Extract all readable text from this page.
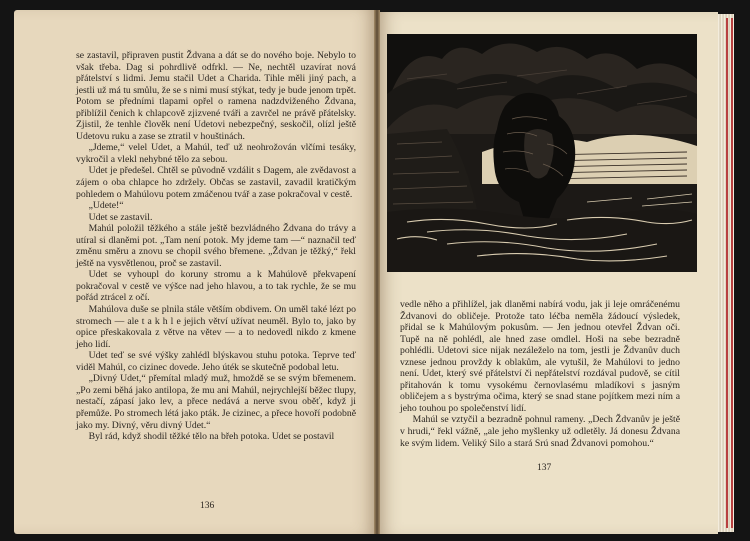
se zastavil, připraven pustit Ždvana a dát se do nového boje. Nebylo to však třeba. Dag si pohrdlivě odfrkl. — Ne, nechtěl uzavírat nová přátelství s lidmi. Jemu stačil Udet a Charida. Tihle měli jiný pach, a jestli už má tu smůlu, že se s nimi musí stýkat, tedy je bude jenom trpět. Potom se předními tlapami opřel o ramena nadzdviženého Ždvana, přiblížil čenich k chlapcově zjizvené tváři a zavrčel ne právě přátelsky. Zjistil, že tenhle člověk není Udetovi nebezpečný, seskočil, olízl ještě Udetovu ruku a zase se ztratil v houštinách.

„Jdeme,“ velel Udet, a Mahúl, teď už neohrožován vlčími tesáky, vykročil a vlekl nehybné tělo za sebou.

Udet je předešel. Chtěl se původně vzdálit s Dagem, ale zvědavost a zájem o oba chlapce ho zdržely. Občas se zastavil, zavadil kratičkým pohledem o Mahúlovu potem zmáčenou tvář a zase pokračoval v cestě.

„Udete!“

Udet se zastavil.

Mahúl položil těžkého a stále ještě bezvládného Ždvana do trávy a utíral si dlaněmi pot. „Tam není potok. My jdeme tam —“ naznačil teď změnu směru a znovu se chopil svého břemene. „Ždvan je těžký,“ řekl ještě na vysvětlenou, proč se zastavil.

Udet se vyhoupl do koruny stromu a k Mahúlově překvapení pokračoval v cestě ve výšce nad jeho hlavou, a to tak rychle, že se mu pořád ztrácel z očí.

Mahúlova duše se plnila stále větším obdivem. On uměl také lézt po stromech — ale t a k h l e jejich větví užívat neuměl. Bylo to, jako by opice přeskakovala z větve na větev — a to nedovedl nikdo z kmene jeho lidí.

Udet teď se své výšky zahlédl blýskavou stuhu potoka. Teprve teď viděl Mahúl, co cizinec dovede. Jeho úték se skutečně podobal letu.

„Divný Udet,“ přemítal mladý muž, hmoždě se se svým břemenem. „Po zemi běhá jako antilopa, že mu ani Mahúl, nejrychlejší běžec tlupy, nestačí, zápasí jako lev, a přece nedává a nerve svou oběť, když ji přemůže. Po stromech létá jako pták. Je cizinec, a přece hovoří podobně jako my. Divný, věru divný Udet.“

Byl rád, když shodil těžké tělo na břeh potoka. Udet se postavil

136

vedle něho a přihlížel, jak dlaněmi nabírá vodu, jak ji leje omráčenému Ždvanovi do obličeje. Protože tato léčba neměla žádoucí výsledek, přidal se k Mahúlovým pokusům. — Jen jednou otevřel Ždvan oči. Tupě na ně pohlédl, ale hned zase omdlel. Hoši na sebe bezradně pohlédli. Udetovi sice nijak nezáleželo na tom, jestli je Ždvanův duch vznese jednou provždy k oblakům, ale vytušil, že Mahúlovi to jedno není. Udet, který své přátelství či nepřátelství rozdával pudově, se cítil přitahován k tomu vysokému černovlasému mladíkovi s jasným obličejem a s bystrýma očima, který se snad stane pojítkem mezi ním a jeho touhou po společenství lidí.

Mahúl se vztyčil a bezradně pohnul rameny. „Dech Ždvanův je ještě v hrudi,“ řekl vážně, „ale jeho myšlenky už odletěly. Já donesu Ždvana ke svým lidem. Veliký Silo a stará Srú snad Ždvanovi pomohou.“

137
